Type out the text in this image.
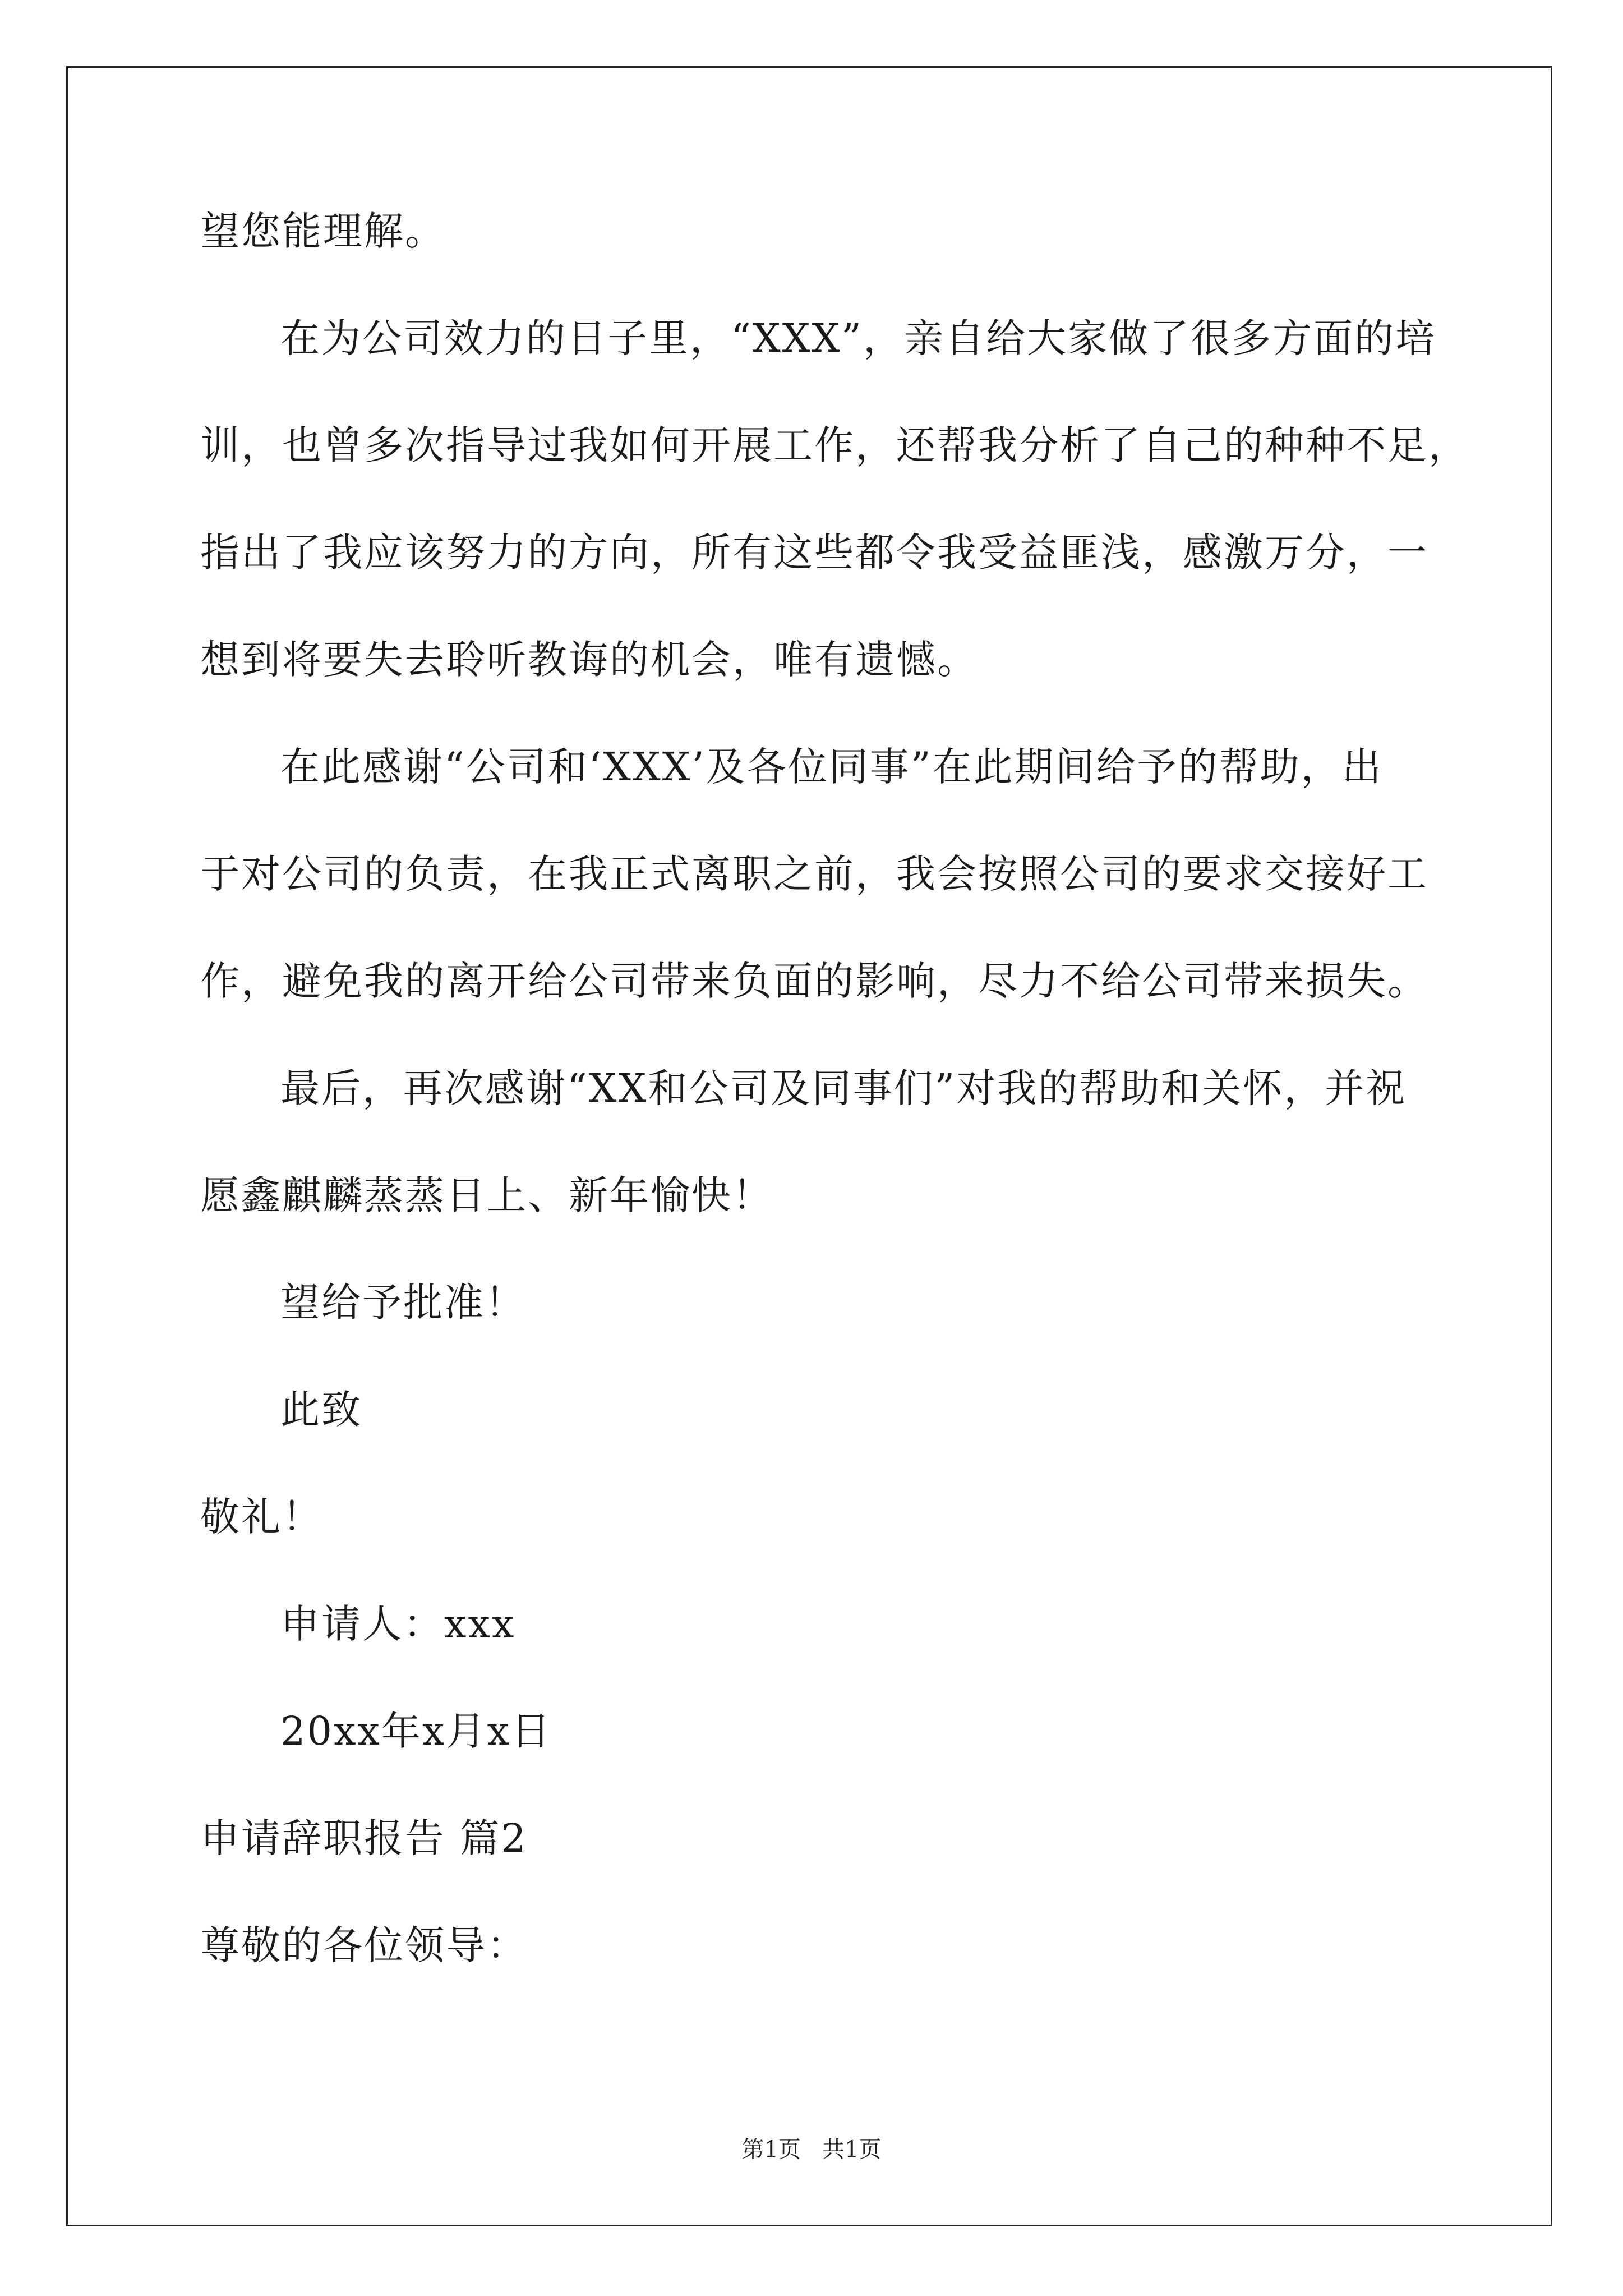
望您能理解。
在为公司效力的日子里，“XXX”，亲自给大家做了很多方面的培
训，也曾多次指导过我如何开展工作，还帮我分析了自己的种种不足，
指出了我应该努力的方向，所有这些都令我受益匪浅，感激万分，一
想到将要失去聆听教诲的机会，唯有遗憾。
在此感谢“公司和‘XXX’及各位同事”在此期间给予的帮助，出
于对公司的负责，在我正式离职之前，我会按照公司的要求交接好工
作，避免我的离开给公司带来负面的影响，尽力不给公司带来损失。
最后，再次感谢“XX和公司及同事们”对我的帮助和关怀，并祝
愿鑫麒麟蒸蒸日上、新年愉快！
望给予批准！
此致
敬礼！
申请人：xxx
20xx年x月x日
申请辞职报告 篇2
尊敬的各位领导：
第1页   共1页
